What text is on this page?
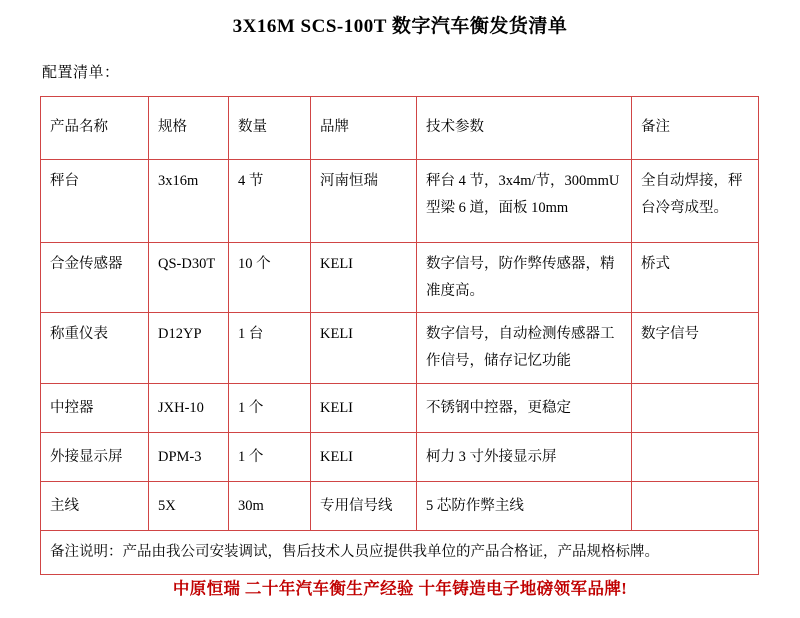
3X16M SCS-100T 数字汽车衡发货清单
配置清单：
产品名称	规格	数量	品牌	技术参数	备注
秤台	3x16m	4 节	河南恒瑞	秤台 4 节，3x4m/节，300mmU 型梁 6 道，面板 10mm	全自动焊接，秤台冷弯成型。
合金传感器	QS-D30T	10 个	KELI	数字信号，防作弊传感器，精准度高。	桥式
称重仪表	D12YP	1 台	KELI	数字信号，自动检测传感器工作信号，储存记忆功能	数字信号
中控器	JXH-10	1 个	KELI	不锈钢中控器，更稳定	
外接显示屏	DPM-3	1 个	KELI	柯力 3 寸外接显示屏	
主线	5X	30m	专用信号线	5 芯防作弊主线	
备注说明：产品由我公司安装调试，售后技术人员应提供我单位的产品合格证，产品规格标牌。					
中原恒瑞 二十年汽车衡生产经验 十年铸造电子地磅领军品牌!
